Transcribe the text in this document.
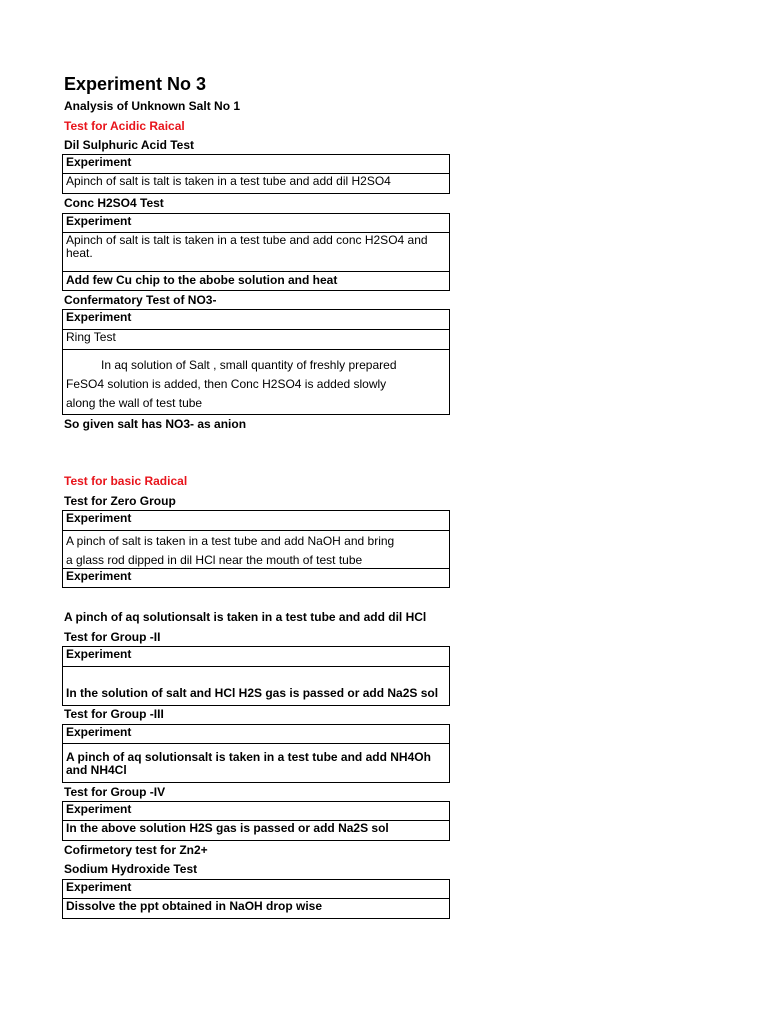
Experiment No 3
Analysis of Unknown Salt No 1
Test for Acidic Raical
Dil Sulphuric Acid Test
Experiment
Apinch of salt is talt is taken in a test tube and add dil H2SO4
Conc H2SO4 Test
Experiment
Apinch of salt is talt is taken in a test tube and add conc H2SO4 and
heat.
Add few Cu chip to the abobe solution and heat
Confermatory Test of NO3-
Experiment
Ring Test
In aq solution of Salt , small quantity of freshly prepared
FeSO4 solution is added, then Conc H2SO4 is added slowly
along the wall of test tube
So given salt has NO3- as anion
Test for basic Radical
Test for Zero Group
Experiment
A pinch of salt is taken in a test tube and add NaOH and bring
a glass rod dipped in dil HCl near the mouth of test tube
Experiment
A pinch of aq solutionsalt is taken in a test tube and add dil HCl
Test for Group -II
Experiment
In the solution of salt and HCl H2S gas is passed or add Na2S sol
Test for Group -III
Experiment
A pinch of aq solutionsalt is taken in a test tube and add NH4Oh
and NH4Cl
Test for Group -IV
Experiment
In the above solution H2S gas is passed or add Na2S sol
Cofirmetory test for Zn2+
Sodium Hydroxide Test
Experiment
Dissolve the ppt obtained in NaOH drop wise
